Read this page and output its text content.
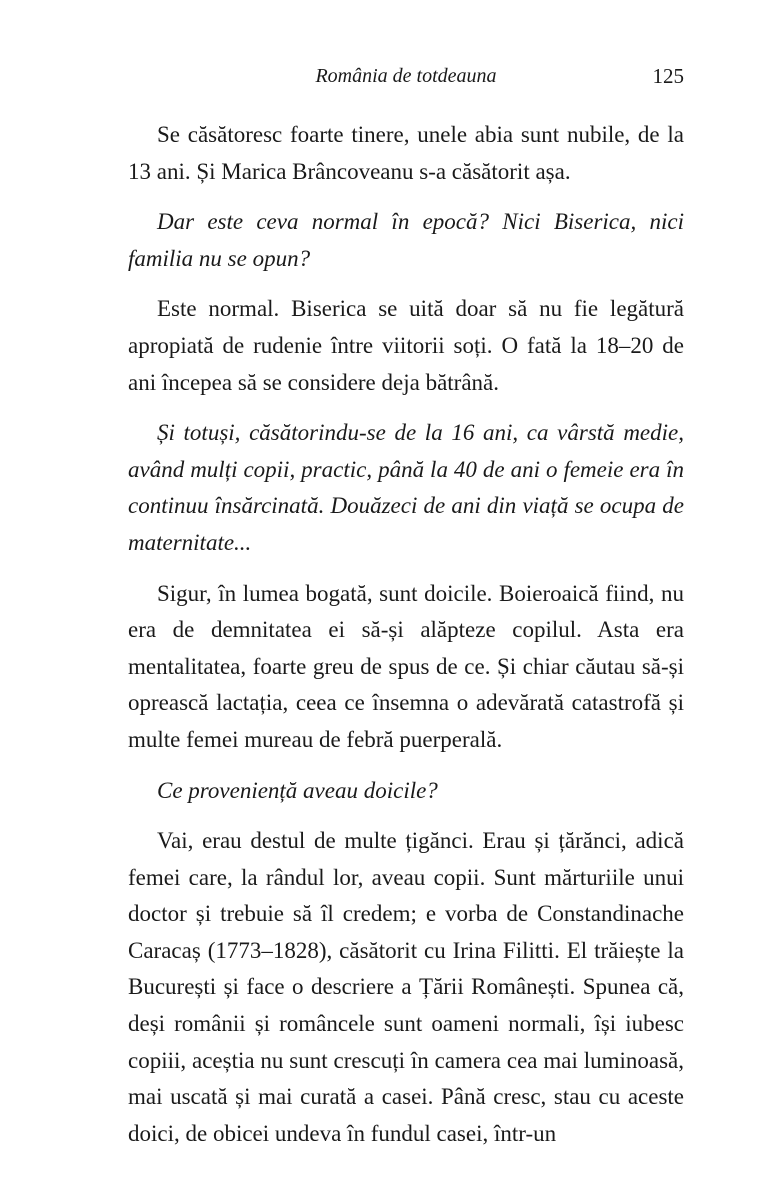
România de totdeauna	125

Se căsătoresc foarte tinere, unele abia sunt nubile, de la 13 ani. Și Marica Brâncoveanu s-a căsătorit așa.

Dar este ceva normal în epocă? Nici Biserica, nici familia nu se opun?

Este normal. Biserica se uită doar să nu fie legătură apropiată de rudenie între viitorii soți. O fată la 18–20 de ani începea să se considere deja bătrână.

Și totuși, căsătorindu-se de la 16 ani, ca vârstă medie, având mulți copii, practic, până la 40 de ani o femeie era în continuu însărcinată. Douăzeci de ani din viață se ocupa de maternitate...

Sigur, în lumea bogată, sunt doicile. Boieroaică fiind, nu era de demnitatea ei să-și alăpteze copilul. Asta era mentalitatea, foarte greu de spus de ce. Și chiar căutau să-și oprească lactația, ceea ce însemna o adevărată catastrofă și multe femei mureau de febră puerperală.

Ce proveniență aveau doicile?

Vai, erau destul de multe țigănci. Erau și țărănci, adică femei care, la rândul lor, aveau copii. Sunt mărturiile unui doctor și trebuie să îl credem; e vorba de Constandinache Caracaș (1773–1828), căsătorit cu Irina Filitti. El trăiește la București și face o descriere a Țării Românești. Spunea că, deși românii și româncele sunt oameni normali, își iubesc copiii, aceștia nu sunt crescuți în camera cea mai luminoasă, mai uscată și mai curată a casei. Până cresc, stau cu aceste doici, de obicei undeva în fundul casei, într-un
